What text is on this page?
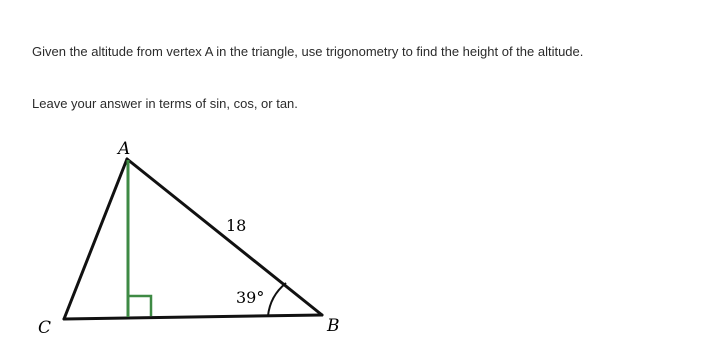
Given the altitude from vertex A in the triangle, use trigonometry to find the height of the altitude.
Leave your answer in terms of sin, cos, or tan.
A
B
C
18
39°
